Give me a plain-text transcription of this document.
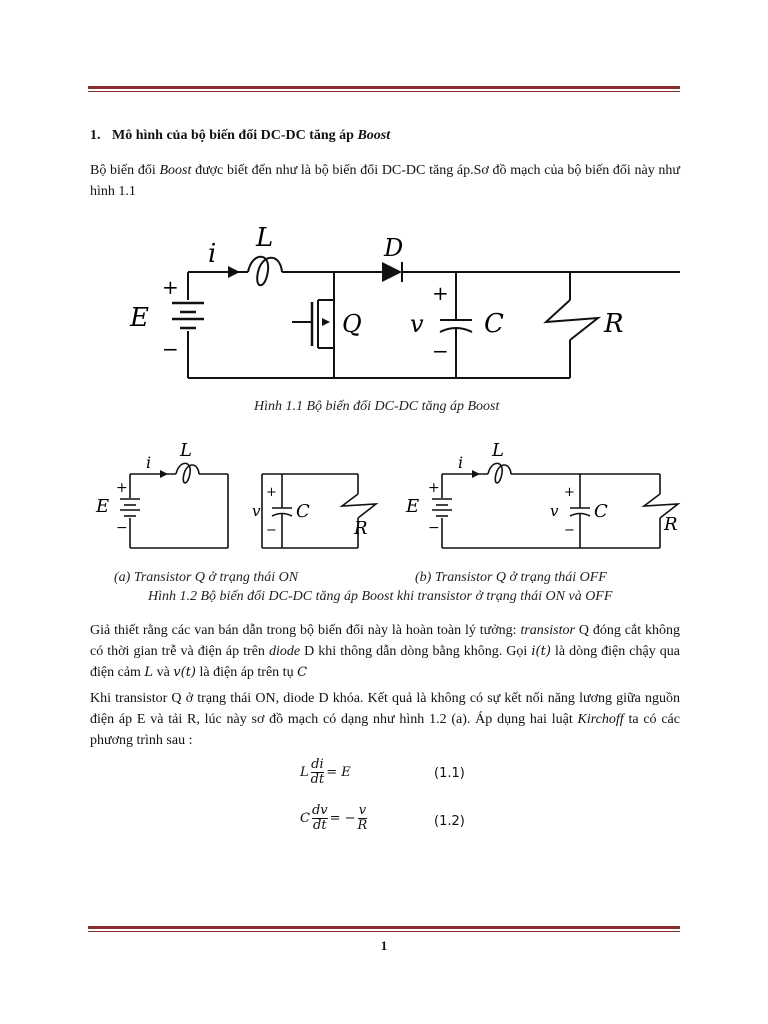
1. Mô hình của bộ biến đổi DC-DC tăng áp Boost
Bộ biến đổi Boost được biết đến như là bộ biến đổi DC-DC tăng áp.Sơ đồ mạch của bộ biến đổi này như hình 1.1
i
L	D
E
+
−
Q v
+
−
C	R
Hình 1.1 Bộ biến đổi DC-DC tăng áp Boost
i
L
E
+
−
v
+
−
C
R
i
L
E
+
−
v
+
−
C
R
(a) Transistor Q ở trạng thái ON	(b) Transistor Q ở trạng thái OFF
Hình 1.2 Bộ biến đổi DC-DC tăng áp Boost khi transistor ở trạng thái ON và OFF
Giả thiết rằng các van bán dẫn trong bộ biến đổi này là hoàn toàn lý tưởng: transistor Q đóng cắt không có thời gian trễ và điện áp trên diode D khi thông dẫn dòng bằng không. Gọi i(t) là dòng điện chậy qua điện cảm L và v(t) là điện áp trên tụ C
Khi transistor Q ở trạng thái ON, diode D khóa. Kết quả là không có sự kết nối năng lương giữa nguồn điện áp E và tải R, lúc này sơ đồ mạch có dạng như hình 1.2 (a). Áp dụng hai luật Kirchoff ta có các phương trình sau :
L $\frac{di}{dt} = E$	(1.1)
C $\frac{dv}{dt}$ = − $\frac{v}{R}$	(1.2)
1
